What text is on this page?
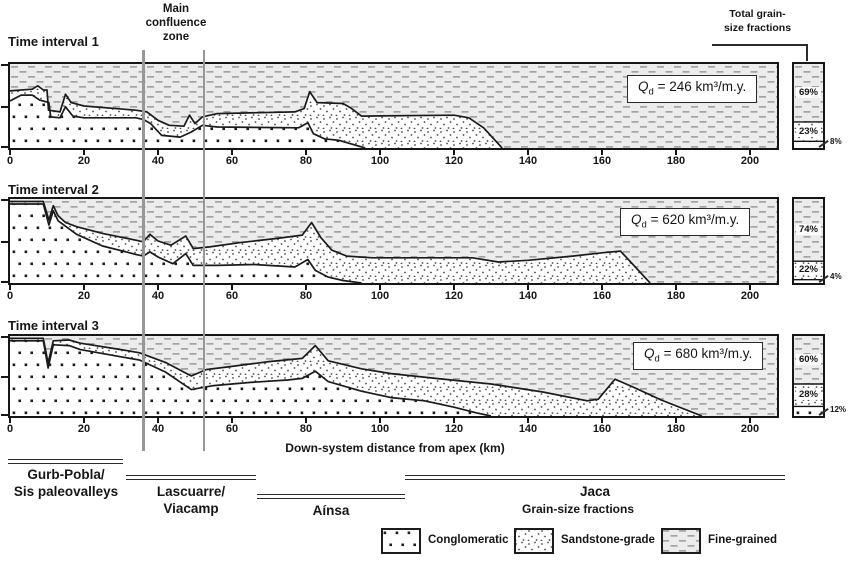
Main
confluence
zone
Total grain-
size fractions
Down-system distance from apex (km)
Grain-size fractions
Time interval 1
0	20	40	60	80	100	120	140	160	180	200
$Q_d = 246$ km³/m.y.	69%
23%
8%
Time interval 2
0	20	40	60	80	100	120	140	160	180	200
$Q_d = 620$ km³/m.y.
74%
22%
4%
Time interval 3
0	20	40	60	80	100	120	140	160	180	200
$Q_d = 680$ km³/m.y.	60%
28%
12%
Gurb-Pobla/
Sis paleovalleys	Lascuarre/
Viacamp	Aínsa
Jaca
Conglomeratic	Sandstone-grade	Fine-grained
